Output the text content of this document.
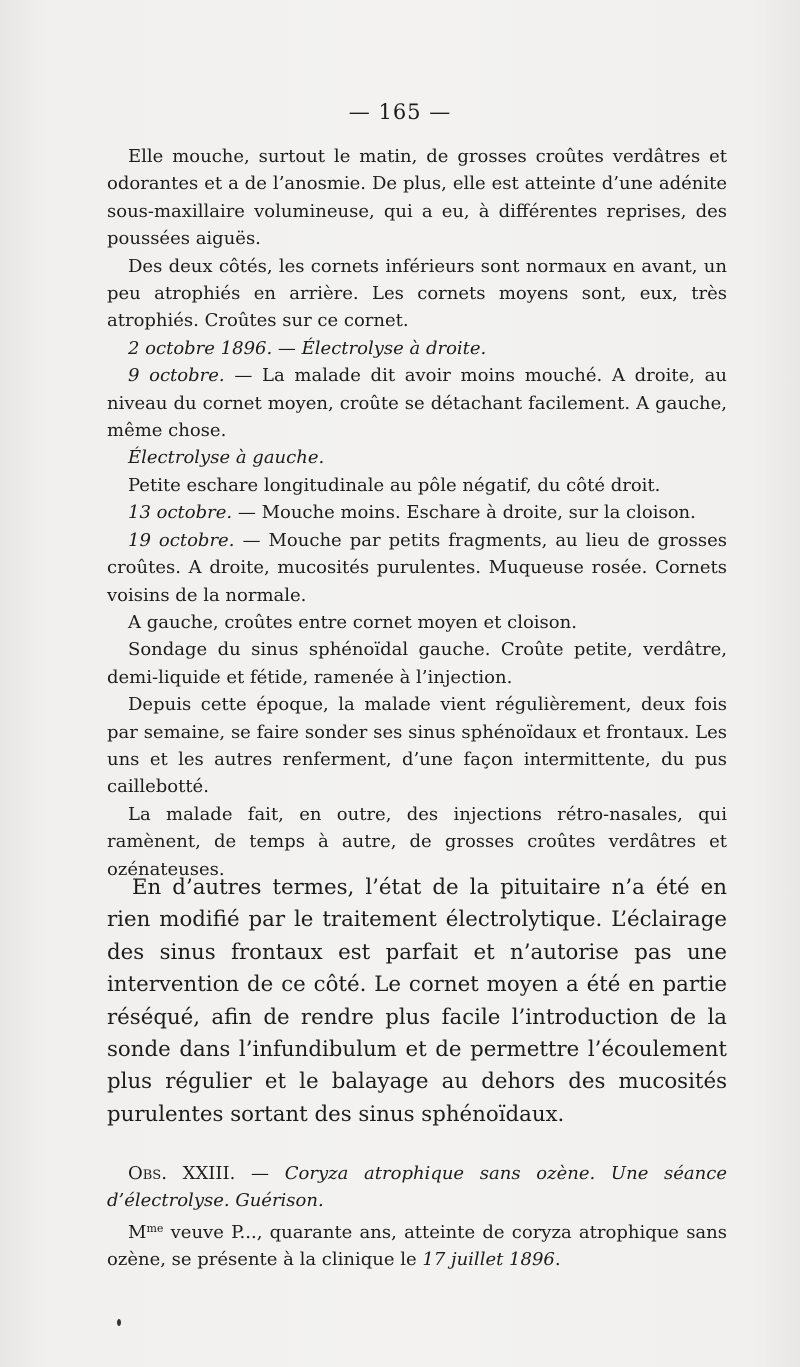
— 165 —

Elle mouche, surtout le matin, de grosses croûtes verdâtres et odorantes et a de l’anosmie. De plus, elle est atteinte d’une adénite sous-maxillaire volumineuse, qui a eu, à différentes reprises, des poussées aiguës.

Des deux côtés, les cornets inférieurs sont normaux en avant, un peu atrophiés en arrière. Les cornets moyens sont, eux, très atrophiés. Croûtes sur ce cornet.

2 octobre 1896. — Électrolyse à droite.

9 octobre. — La malade dit avoir moins mouché. A droite, au niveau du cornet moyen, croûte se détachant facilement. A gauche, même chose.

Électrolyse à gauche.

Petite eschare longitudinale au pôle négatif, du côté droit.

13 octobre. — Mouche moins. Eschare à droite, sur la cloison.

19 octobre. — Mouche par petits fragments, au lieu de grosses croûtes. A droite, mucosités purulentes. Muqueuse rosée. Cornets voisins de la normale.

A gauche, croûtes entre cornet moyen et cloison.

Sondage du sinus sphénoïdal gauche. Croûte petite, verdâtre, demi-liquide et fétide, ramenée à l’injection.

Depuis cette époque, la malade vient régulièrement, deux fois par semaine, se faire sonder ses sinus sphénoïdaux et frontaux. Les uns et les autres renferment, d’une façon intermittente, du pus caillebotté.

La malade fait, en outre, des injections rétro-nasales, qui ramènent, de temps à autre, de grosses croûtes verdâtres et ozénateuses.

En d’autres termes, l’état de la pituitaire n’a été en rien modifié par le traitement électrolytique. L’éclairage des sinus frontaux est parfait et n’autorise pas une intervention de ce côté. Le cornet moyen a été en partie réséqué, afin de rendre plus facile l’introduction de la sonde dans l’infundibulum et de permettre l’écoulement plus régulier et le balayage au dehors des mucosités purulentes sortant des sinus sphénoïdaux.

Obs. XXIII. — Coryza atrophique sans ozène. Une séance d’électrolyse. Guérison.

$M^{me}$ veuve P..., quarante ans, atteinte de coryza atrophique sans ozène, se présente à la clinique le 17 juillet 1896.
